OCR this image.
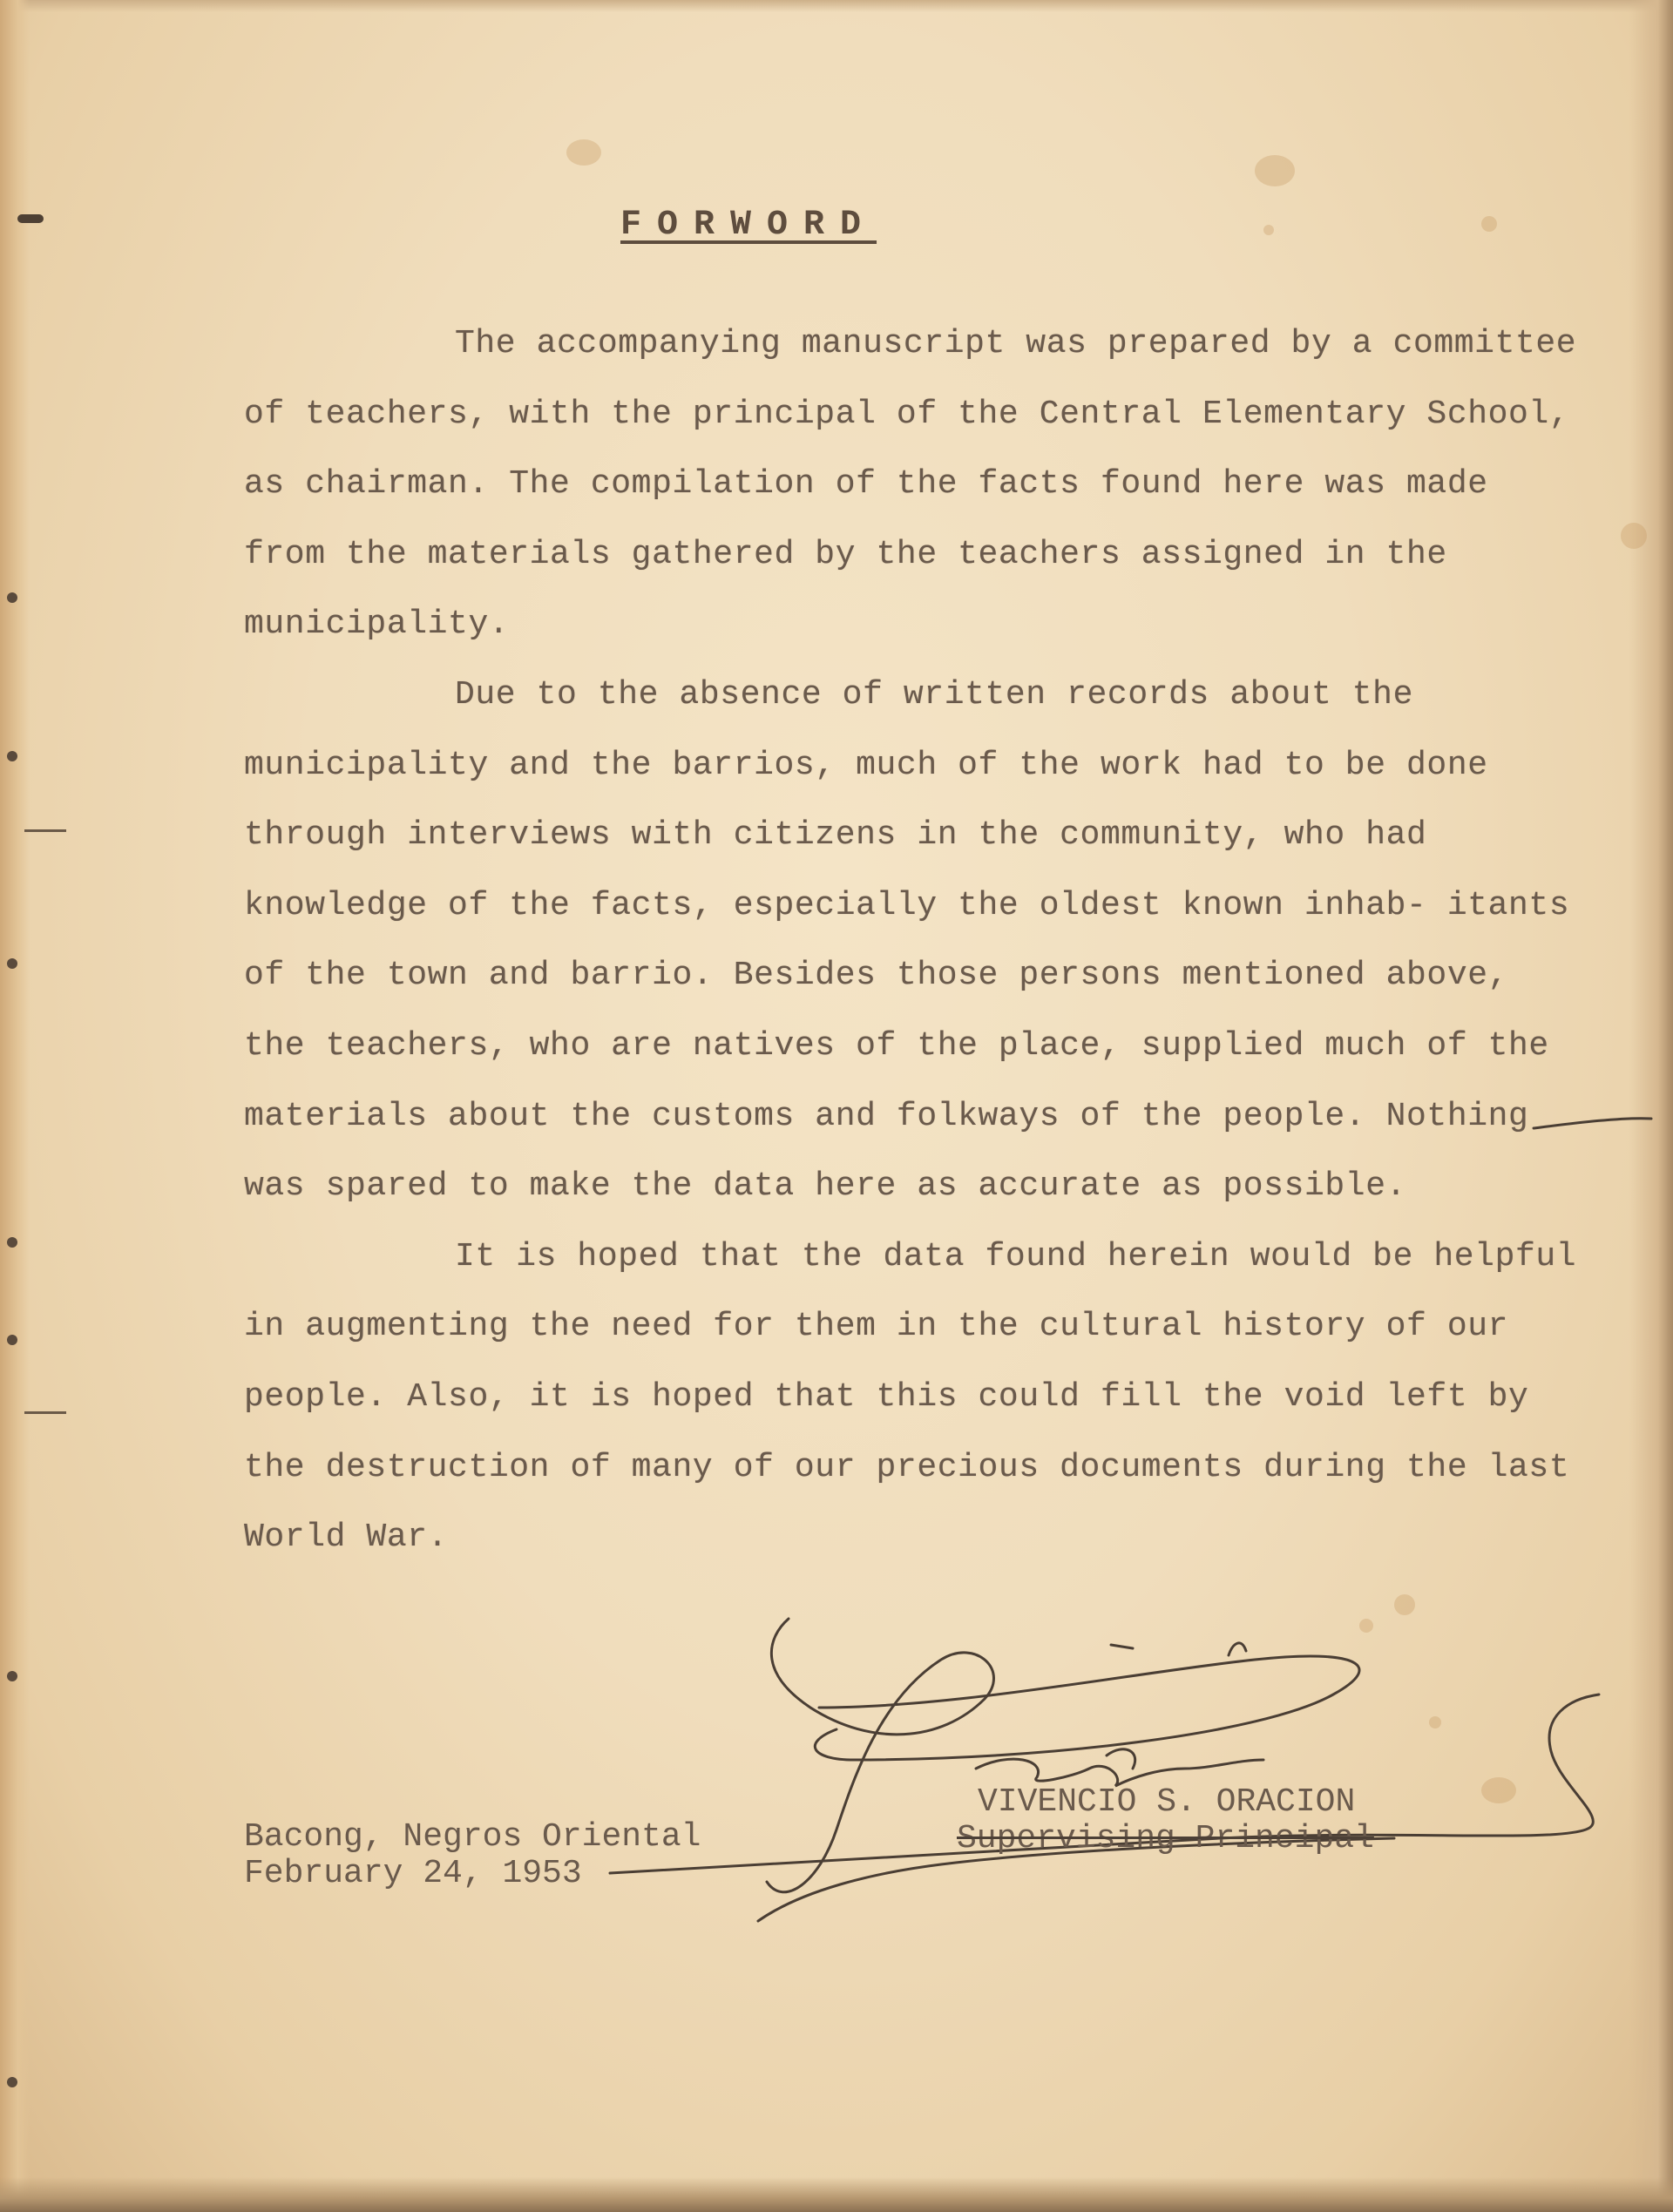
FORWORD

The accompanying manuscript was prepared by a committee of teachers, with the principal of the Central Elementary School, as chairman. The compilation of the facts found here was made from the materials gathered by the teachers assigned in the municipality.

Due to the absence of written records about the municipality and the barrios, much of the work had to be done through interviews with citizens in the community, who had knowledge of the facts, especially the oldest known inhab- itants of the town and barrio. Besides those persons mentioned above, the teachers, who are natives of the place, supplied much of the materials about the customs and folkways of the people. Nothing was spared to make the data here as accurate as possible.

It is hoped that the data found herein would be helpful in augmenting the need for them in the cultural history of our people. Also, it is hoped that this could fill the void left by the destruction of many of our precious documents during the last World War.

Bacong, Negros Oriental
February 24, 1953
VIVENCIO S. ORACION
Supervising Principal
